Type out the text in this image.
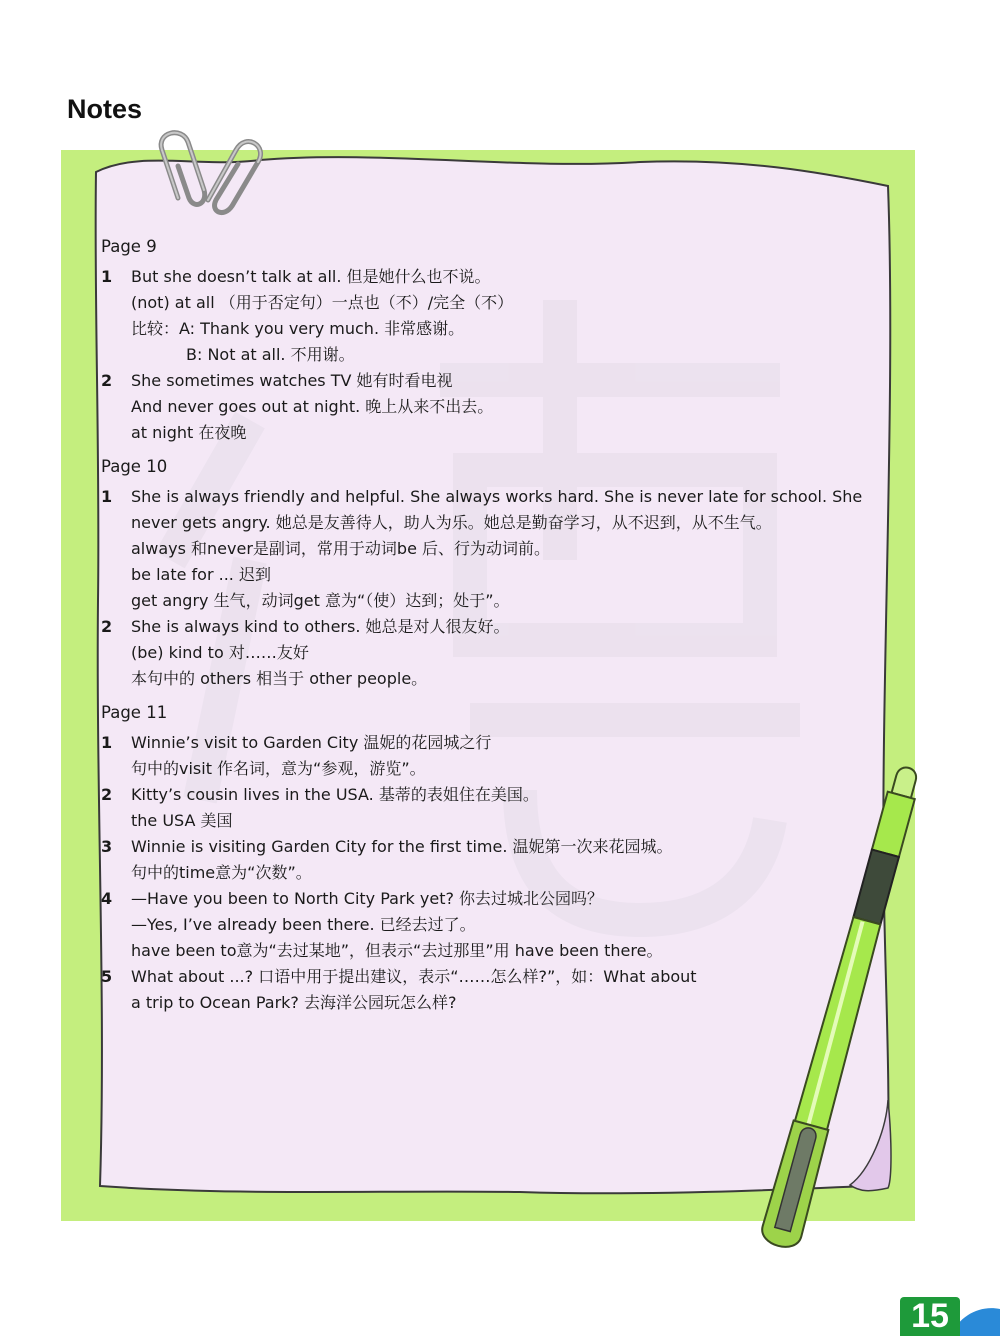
Notes
Page 9
1 But she doesn’t talk at all. 但是她什么也不说。
(not) at all （用于否定句）一点也（不）/完全（不）
比较：A: Thank you very much. 非常感谢。
B: Not at all. 不用谢。
2 She sometimes watches TV 她有时看电视
And never goes out at night. 晚上从来不出去。
at night 在夜晚
Page 10
1 She is always friendly and helpful. She always works hard. She is never late for school. She
never gets angry. 她总是友善待人，助人为乐。她总是勤奋学习，从不迟到，从不生气。
always 和never是副词，常用于动词be 后、行为动词前。
be late for ... 迟到
get angry 生气，动词get 意为“（使）达到；处于”。
2 She is always kind to others. 她总是对人很友好。
(be) kind to 对……友好
本句中的 others 相当于 other people。
Page 11
1 Winnie’s visit to Garden City 温妮的花园城之行
句中的visit 作名词，意为“参观，游览”。
2 Kitty’s cousin lives in the USA. 基蒂的表姐住在美国。
the USA 美国
3 Winnie is visiting Garden City for the first time. 温妮第一次来花园城。
句中的time意为“次数”。
4 —Have you been to North City Park yet? 你去过城北公园吗？
—Yes, I’ve already been there. 已经去过了。
have been to意为“去过某地”，但表示“去过那里”用 have been there。
5 What about ...? 口语中用于提出建议，表示“……怎么样?”，如：What about
a trip to Ocean Park? 去海洋公园玩怎么样?
15
